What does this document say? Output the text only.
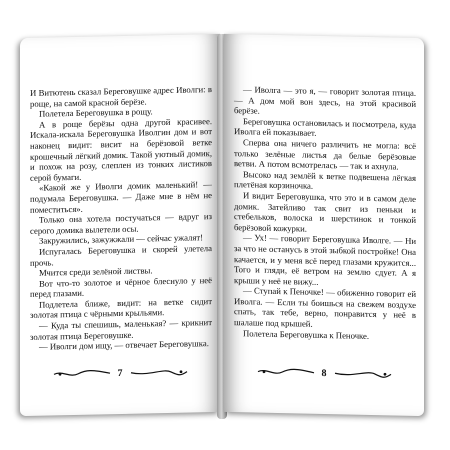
И Витютень сказал Береговушке адрес Иволги: в роще, на самой красной берёзе.

Полетела Береговушка в рощу.

А в роще берёзы одна другой красивее. Искала-искала Береговушка Иволгин дом и вот наконец видит: висит на берёзовой ветке крошечный лёгкий домик. Такой уютный домик, и похож на розу, слеплен из тонких листиков серой бумаги.

«Какой же у Иволги домик маленький! — подумала Береговушка. — Даже мне в нём не поместиться».

Только она хотела постучаться — вдруг из серого домика вылетели осы.

Закружились, зажужжали — сейчас ужалят!

Испугалась Береговушка и скорей улетела прочь.

Мчится среди зелёной листвы.

Вот что-то золотое и чёрное блеснуло у неё перед глазами.

Подлетела ближе, видит: на ветке сидит золотая птица с чёрными крыльями.

— Куда ты спешишь, маленькая? — крикнит золотая птица Береговушке.

— Иволги дом ищу, — отвечает Береговушка.

7

— Иволга — это я, — говорит золотая птица. — А дом мой вон здесь, на этой красивой берёзе.

Береговушка остановилась и посмотрела, куда Иволга ей показывает.

Сперва она ничего различить не могла: всё только зелёные листья да белые берёзовые ветви. А потом всмотрелась — так и ахнула.

Высоко над землёй к ветке подвешена лёгкая плетёная корзиночка.

И видит Береговушка, что это и в самом деле домик. Затейливо так свит из пеньки и стебельков, волоска и шерстинок и тонкой берёзовой кожурки.

— Ух! — говорит Береговушка Иволге. — Ни за что не останусь в этой зыбкой постройке! Она качается, и у меня всё перед глазами кружится... Того и гляди, её ветром на землю сдует. А я крыши у неё не вижу...

— Ступай к Пеночке! — обиженно говорит ей Иволга. — Если ты боишься на свежем воздухе спать, так тебе, верно, понравится у неё в шалаше под крышей.

Полетела Береговушка к Пеночке.

8
